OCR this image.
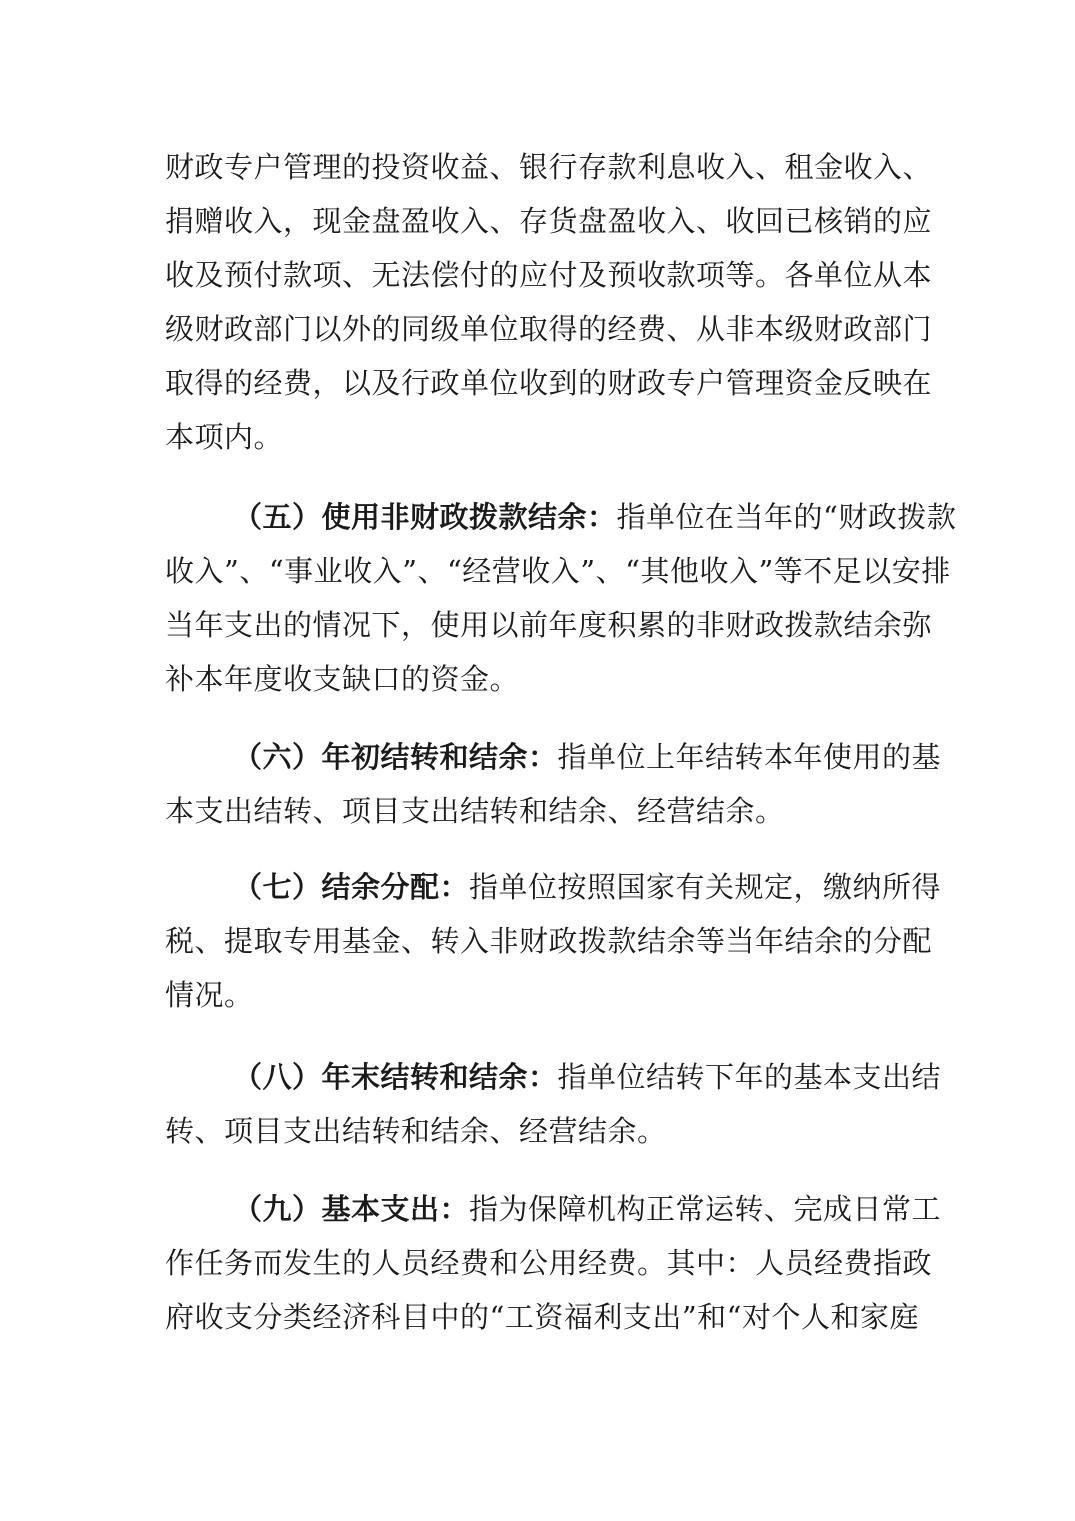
财政专户管理的投资收益、银行存款利息收入、租金收入、
捐赠收入，现金盘盈收入、存货盘盈收入、收回已核销的应
收及预付款项、无法偿付的应付及预收款项等。各单位从本
级财政部门以外的同级单位取得的经费、从非本级财政部门
取得的经费，以及行政单位收到的财政专户管理资金反映在
本项内。
（五）使用非财政拨款结余：指单位在当年的“财政拨款
收入”、“事业收入”、“经营收入”、“其他收入”等不足以安排
当年支出的情况下，使用以前年度积累的非财政拨款结余弥
补本年度收支缺口的资金。
（六）年初结转和结余：指单位上年结转本年使用的基
本支出结转、项目支出结转和结余、经营结余。
（七）结余分配：指单位按照国家有关规定，缴纳所得
税、提取专用基金、转入非财政拨款结余等当年结余的分配
情况。
（八）年末结转和结余：指单位结转下年的基本支出结
转、项目支出结转和结余、经营结余。
（九）基本支出：指为保障机构正常运转、完成日常工
作任务而发生的人员经费和公用经费。其中：人员经费指政
府收支分类经济科目中的“工资福利支出”和“对个人和家庭
